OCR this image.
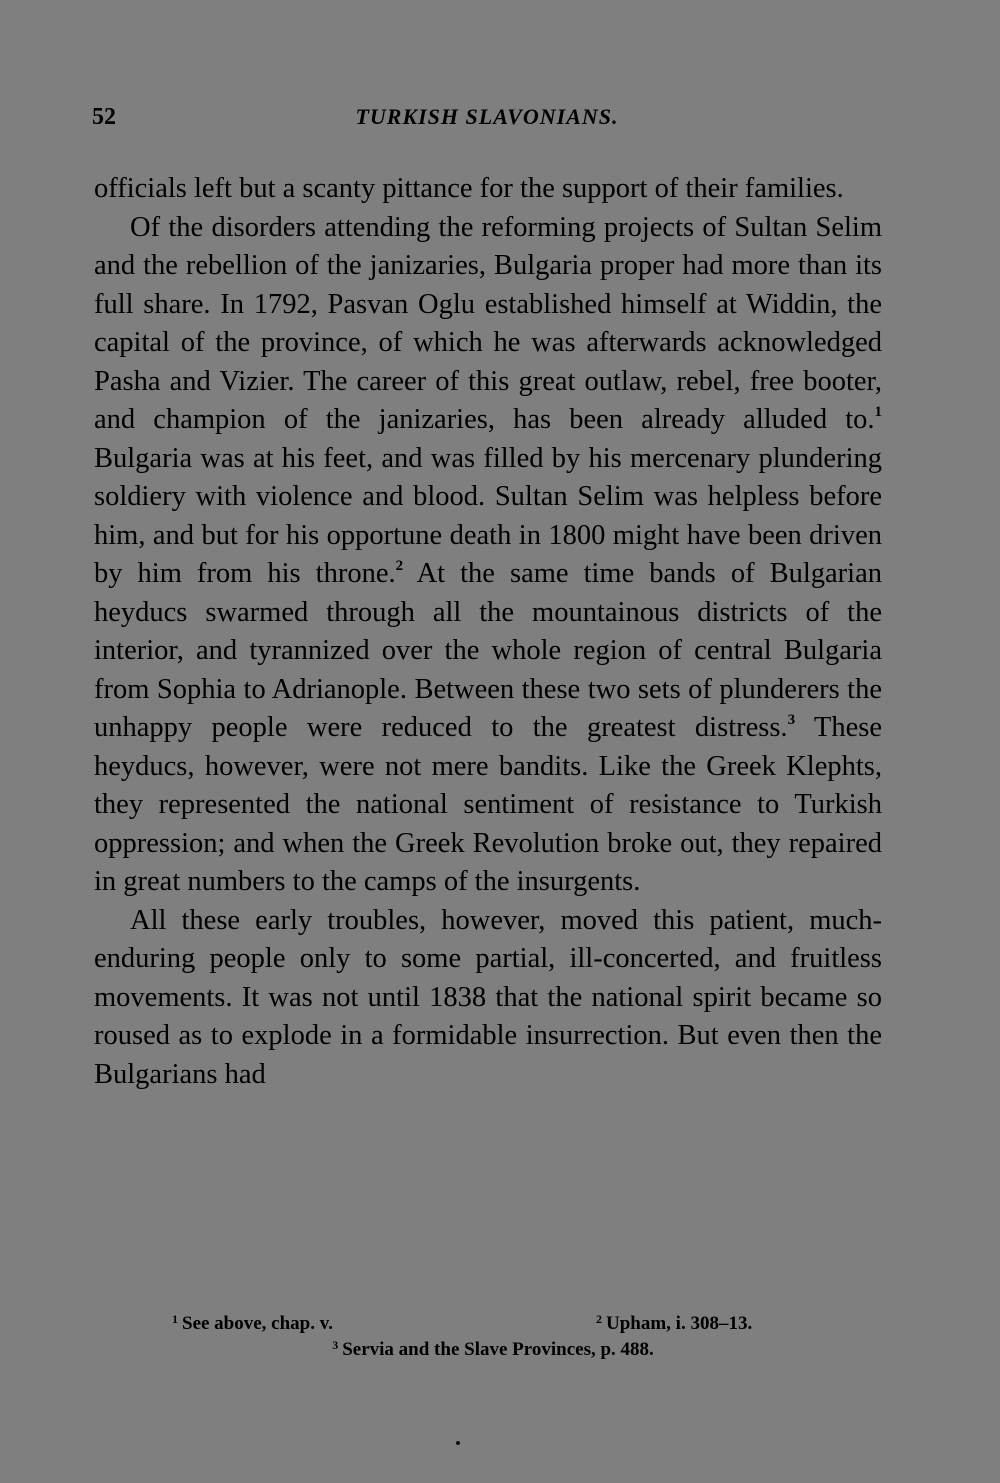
52	TURKISH SLAVONIANS.

officials left but a scanty pittance for the support of their families.

Of the disorders attending the reforming projects of Sultan Selim and the rebellion of the janizaries, Bulgaria proper had more than its full share. In 1792, Pasvan Oglu established himself at Widdin, the capital of the province, of which he was afterwards acknowledged Pasha and Vizier. The career of this great outlaw, rebel, free booter, and champion of the janizaries, has been already alluded to.$^1$ Bulgaria was at his feet, and was filled by his mercenary plundering soldiery with violence and blood. Sultan Selim was helpless before him, and but for his opportune death in 1800 might have been driven by him from his throne.$^2$ At the same time bands of Bulgarian heyducs swarmed through all the mountainous districts of the interior, and tyrannized over the whole region of central Bulgaria from Sophia to Adrianople. Between these two sets of plunderers the unhappy people were reduced to the greatest distress.$^3$ These heyducs, however, were not mere bandits. Like the Greek Klephts, they represented the national sentiment of resistance to Turkish oppression; and when the Greek Revolution broke out, they repaired in great numbers to the camps of the insurgents.

All these early troubles, however, moved this patient, much-enduring people only to some partial, ill-concerted, and fruitless movements. It was not until 1838 that the national spirit became so roused as to explode in a formidable insurrection. But even then the Bulgarians had

$^1$ See above, chap. v.	$^2$ Upham, i. 308–13.
$^3$ Servia and the Slave Provinces, p. 488.
